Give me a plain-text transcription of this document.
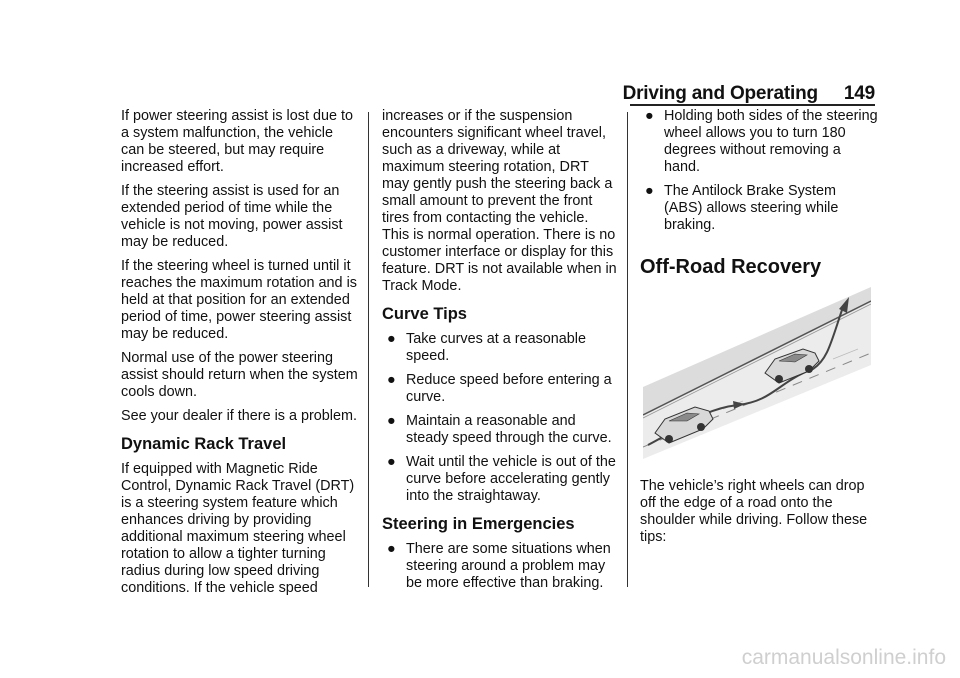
Driving and Operating 149

If power steering assist is lost due to a system malfunction, the vehicle can be steered, but may require increased effort.

If the steering assist is used for an extended period of time while the vehicle is not moving, power assist may be reduced.

If the steering wheel is turned until it reaches the maximum rotation and is held at that position for an extended period of time, power steering assist may be reduced.

Normal use of the power steering assist should return when the system cools down.

See your dealer if there is a problem.

Dynamic Rack Travel

If equipped with Magnetic Ride Control, Dynamic Rack Travel (DRT) is a steering system feature which enhances driving by providing additional maximum steering wheel rotation to allow a tighter turning radius during low speed driving conditions. If the vehicle speed

increases or if the suspension encounters significant wheel travel, such as a driveway, while at maximum steering rotation, DRT may gently push the steering back a small amount to prevent the front tires from contacting the vehicle. This is normal operation. There is no customer interface or display for this feature. DRT is not available when in Track Mode.

Curve Tips
● Take curves at a reasonable speed.
● Reduce speed before entering a curve.
● Maintain a reasonable and steady speed through the curve.
● Wait until the vehicle is out of the curve before accelerating gently into the straightaway.
Steering in Emergencies
● There are some situations when steering around a problem may be more effective than braking.
● Holding both sides of the steering wheel allows you to turn 180 degrees without removing a hand.
● The Antilock Brake System (ABS) allows steering while braking.
Off-Road Recovery

The vehicle’s right wheels can drop off the edge of a road onto the shoulder while driving. Follow these tips:

carmanualsonline.info
